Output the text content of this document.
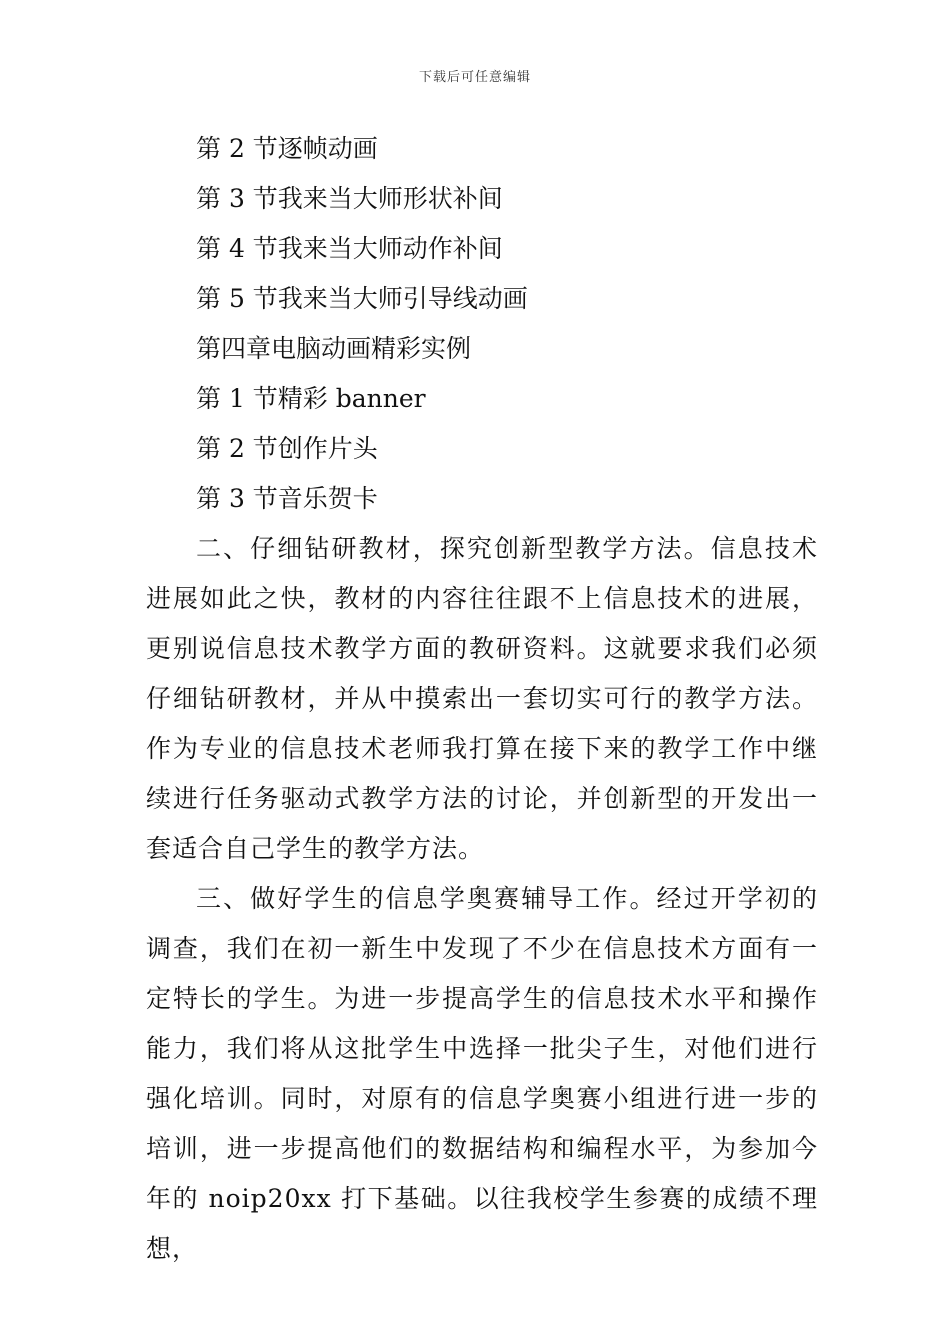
下载后可任意编辑

第 2 节逐帧动画

第 3 节我来当大师形状补间

第 4 节我来当大师动作补间

第 5 节我来当大师引导线动画

第四章电脑动画精彩实例

第 1 节精彩 banner

第 2 节创作片头

第 3 节音乐贺卡

二、仔细钻研教材，探究创新型教学方法。信息技术进展如此之快，教材的内容往往跟不上信息技术的进展，更别说信息技术教学方面的教研资料。这就要求我们必须仔细钻研教材，并从中摸索出一套切实可行的教学方法。作为专业的信息技术老师我打算在接下来的教学工作中继续进行任务驱动式教学方法的讨论，并创新型的开发出一套适合自己学生的教学方法。

三、做好学生的信息学奥赛辅导工作。经过开学初的调查，我们在初一新生中发现了不少在信息技术方面有一定特长的学生。为进一步提高学生的信息技术水平和操作能力，我们将从这批学生中选择一批尖子生，对他们进行强化培训。同时，对原有的信息学奥赛小组进行进一步的培训，进一步提高他们的数据结构和编程水平，为参加今年的 noip20xx 打下基础。以往我校学生参赛的成绩不理想，
